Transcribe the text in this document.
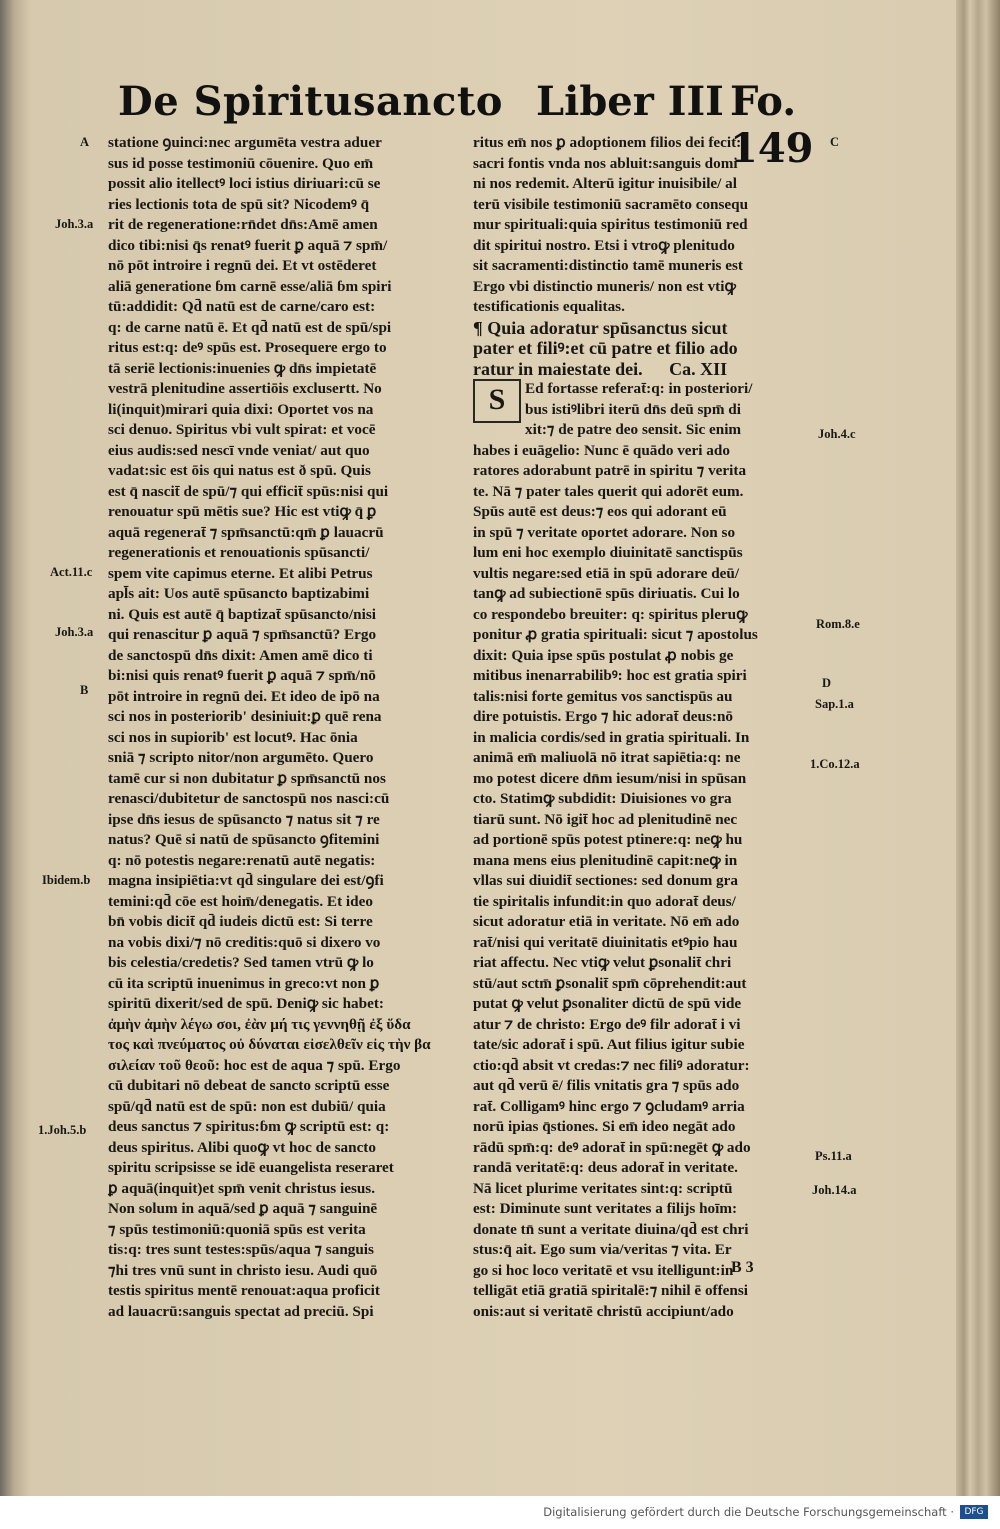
De Spiritusancto Liber III Fo. 149
statione ꝯuinci:nec argumēta vestra aduer
sus id posse testimoniū cōuenire. Quo em̄
possit alio itellectꝰ loci istius diriuari:cū se
ries lectionis tota de spū sit? Nicodemꝰ q̄
rit de regeneratione:rn̄det dn̄s:Amē amen
dico tibi:nisi q̄s renatꝰ fuerit ꝑ aquā ⁊ spm̄/
nō pōt introire i regnū dei. Et vt ostēderet
aliā generatione ɓm carnē esse/aliā ɓm spiri
tū:addidit: Qd̄ natū est de carne/caro est:
q: de carne natū ē. Et qd̄ natū est de spū/spi
ritus est:q: deꝰ spūs est. Prosequere ergo to
tā seriē lectionis:inuenies ꝙ dn̄s impietatē
vestrā plenitudine assertiōis exclusertt. No
li(inquit)mirari quia dixi: Oportet vos na
sci denuo. Spiritus vbi vult spirat: et vocē
eius audis:sed nescī vnde veniat/ aut quo
vadat:sic est ōis qui natus est ð spū. Quis
est q̄ nascit̄ de spū/⁊ qui efficit̄ spūs:nisi qui
renouatur spū mētis sue? Hic est vtiꝙ q̄ ꝑ
aquā regenerat̄ ⁊ spm̄sanctū:qm̄ ꝑ lauacrū
regenerationis et renouationis spūsancti/
spem vite capimus eterne. Et alibi Petrus
apl̄s ait: Uos autē spūsancto baptizabimi
ni. Quis est autē q̄ baptizat̄ spūsancto/nisi
qui renascitur ꝑ aquā ⁊ spm̄sanctū? Ergo
de sanctospū dn̄s dixit: Amen amē dico ti
bi:nisi quis renatꝰ fuerit ꝑ aquā ⁊ spm̄/nō
pōt introire in regnū dei. Et ideo de ipō na
sci nos in posteriorib' desiniuit:ꝑ quē rena
sci nos in supiorib' est locutꝰ. Hac ōnia
sniā ⁊ scripto nitor/non argumēto. Quero
tamē cur si non dubitatur ꝑ spm̄sanctū nos
renasci/dubitetur de sanctospū nos nasci:cū
ipse dn̄s iesus de spūsancto ⁊ natus sit ⁊ re
natus? Quē si natū de spūsancto ꝯfitemini
q: nō potestis negare:renatū autē negatis:
magna insipiētia:vt qd̄ singulare dei est/ꝯfi
temini:qd̄ cōe est hoim̄/denegatis. Et ideo
bn̄ vobis dicit̄ qd̄ iudeis dictū est: Si terre
na vobis dixi/⁊ nō creditis:quō si dixero vo
bis celestia/credetis? Sed tamen vtrū ꝙ lo
cū ita scriptū inuenimus in greco:vt non ꝑ
spiritū dixerit/sed de spū. Deniꝙ sic habet:
ἀμὴν ἀμὴν λέγω σοι, ἐὰν μή τις γεννηθῇ ἐξ ὕδα
τος καὶ πνεύματος οὐ δύναται εἰσελθεῖν εἰς τὴν βα
σιλείαν τοῦ θεοῦ: hoc est de aqua ⁊ spū. Ergo
cū dubitari nō debeat de sancto scriptū esse
spū/qd̄ natū est de spū: non est dubiū/ quia
deus sanctus ⁊ spiritus:ɓm ꝙ scriptū est: q:
deus spiritus. Alibi quoꝙ vt hoc de sancto
spiritu scripsisse se idē euangelista reseraret
ꝑ aquā(inquit)et spm̄ venit christus iesus.
Non solum in aquā/sed ꝑ aquā ⁊ sanguinē
⁊ spūs testimoniū:quoniā spūs est verita
tis:q: tres sunt testes:spūs/aqua ⁊ sanguis
⁊hi tres vnū sunt in christo iesu. Audi quō
testis spiritus mentē renouat:aqua proficit
ad lauacrū:sanguis spectat ad preciū. Spi
ritus em̄ nos ꝑ adoptionem filios dei fecit:
sacri fontis vnda nos abluit:sanguis domi
ni nos redemit. Alterū igitur inuisibile/ al
terū visibile testimoniū sacramēto consequ
mur spirituali:quia spiritus testimoniū red
dit spiritui nostro. Etsi i vtroꝙ plenitudo
sit sacramenti:distinctio tamē muneris est
Ergo vbi distinctio muneris/ non est vtiꝙ
testificationis equalitas.
¶ Quia adoratur spūsanctus sicut
pater et filiꝰ:et cū patre et filio ado
ratur in maiestate dei. Ca. XII
S	Ed fortasse referat̄:q: in posteriori/
bus istiꝰlibri iterū dn̄s deū spm̄ di
xit:⁊ de patre deo sensit. Sic enim
habes i euāgelio: Nunc ē quādo veri ado
ratores adorabunt patrē in spiritu ⁊ verita
te. Nā ⁊ pater tales querit qui adorēt eum.
Spūs autē est deus:⁊ eos qui adorant eū
in spū ⁊ veritate oportet adorare. Non so
lum eni hoc exemplo diuinitatē sanctispūs
vultis negare:sed etiā in spū adorare deū/
tanꝙ ad subiectionē spūs diriuatis. Cui lo
co respondebo breuiter: q: spiritus pleruꝙ
ponitur ꝓ gratia spirituali: sicut ⁊ apostolus
dixit: Quia ipse spūs postulat ꝓ nobis ge
mitibus inenarrabilibꝰ: hoc est gratia spiri
talis:nisi forte gemitus vos sanctispūs au
dire potuistis. Ergo ⁊ hic adorat̄ deus:nō
in malicia cordis/sed in gratia spirituali. In
animā em̄ maliuolā nō itrat sapiētia:q: ne
mo potest dicere dn̄m iesum/nisi in spūsan
cto. Statimꝙ subdidit: Diuisiones vo gra
tiarū sunt. Nō igit̄ hoc ad plenitudinē nec
ad portionē spūs potest ptinere:q: neꝙ hu
mana mens eius plenitudinē capit:neꝙ in
vllas sui diuidit̄ sectiones: sed donum gra
tie spiritalis infundit:in quo adorat̄ deus/
sicut adoratur etiā in veritate. Nō em̄ ado
rat̄/nisi qui veritatē diuinitatis etꝰpio hau
riat affectu. Nec vtiꝙ velut ꝑsonalit̄ chri
stū/aut sctm̄ ꝑsonalit̄ spm̄ cōprehendit:aut
putat ꝙ velut ꝑsonaliter dictū de spū vide
atur ⁊ de christo: Ergo deꝰ filr adorat̄ i vi
tate/sic adorat̄ i spū. Aut filius igitur subie
ctio:qd̄ absit vt credas:⁊ nec filiꝰ adoratur:
aut qd̄ verū ē/ filis vnitatis gra ⁊ spūs ado
rat̄. Colligamꝰ hinc ergo ⁊ ꝯcludamꝰ arria
norū ipias q̄stiones. Si em̄ ideo negāt ado
rādū spm̄:q: deꝰ adorat̄ in spū:negēt ꝙ ado
randā veritatē:q: deus adorat̄ in veritate.
Nā licet plurime veritates sint:q: scriptū
est: Diminute sunt veritates a filijs hoīm:
donate tn̄ sunt a veritate diuina/qd̄ est chri
stus:q̄ ait. Ego sum via/veritas ⁊ vita. Er
go si hoc loco veritatē et vsu itelligunt:in
telligāt etiā gratiā spiritalē:⁊ nihil ē offensi
onis:aut si veritatē christū accipiunt/ado
A
Joh.3.a
Act.11.c
Joh.3.a
B
Ibidem.b
1.Joh.5.b
C
Joh.4.c
Rom.8.e
D
Sap.1.a
1.Co.12.a
Ps.11.a
Joh.14.a
B 3
Digitalisierung gefördert durch die Deutsche Forschungsgemeinschaft ·	DFG
